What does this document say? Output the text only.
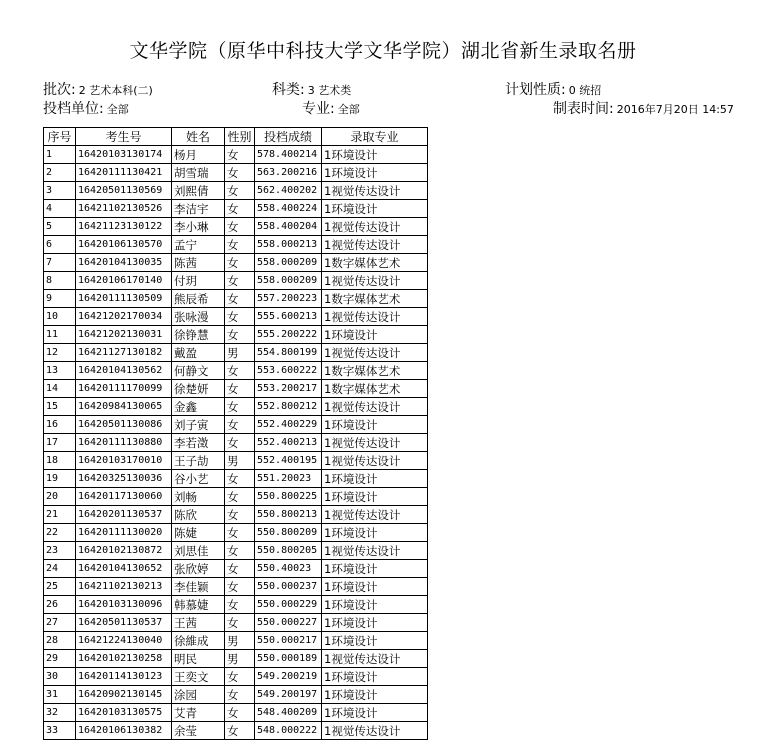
文华学院（原华中科技大学文华学院）湖北省新生录取名册
批次: 2 艺术本科(二)	科类: 3 艺术类	计划性质: 0 统招
投档单位: 全部	专业: 全部	制表时间: 2016年7月20日 14:57
序号	考生号	姓名	性别	投档成绩	录取专业
1	16420103130174	杨月	女	578.400214	1环境设计
2	16420111130421	胡雪瑞	女	563.200216	1环境设计
3	16420501130569	刘熙倩	女	562.400202	1视觉传达设计
4	16421102130526	李洁宇	女	558.400224	1环境设计
5	16421123130122	李小琳	女	558.400204	1视觉传达设计
6	16420106130570	孟宁	女	558.000213	1视觉传达设计
7	16420104130035	陈茜	女	558.000209	1数字媒体艺术
8	16420106170140	付玥	女	558.000209	1视觉传达设计
9	16420111130509	熊辰希	女	557.200223	1数字媒体艺术
10	16421202170034	张咏漫	女	555.600213	1视觉传达设计
11	16421202130031	徐铮慧	女	555.200222	1环境设计
12	16421127130182	戴盈	男	554.800199	1视觉传达设计
13	16420104130562	何静文	女	553.600222	1数字媒体艺术
14	16420111170099	徐楚妍	女	553.200217	1数字媒体艺术
15	16420984130065	金鑫	女	552.800212	1视觉传达设计
16	16420501130086	刘子寅	女	552.400229	1环境设计
17	16420111130880	李若澂	女	552.400213	1视觉传达设计
18	16420103170010	王子劼	男	552.400195	1视觉传达设计
19	16420325130036	谷小艺	女	551.20023	1环境设计
20	16420117130060	刘畅	女	550.800225	1环境设计
21	16420201130537	陈欣	女	550.800213	1视觉传达设计
22	16420111130020	陈婕	女	550.800209	1环境设计
23	16420102130872	刘思佳	女	550.800205	1视觉传达设计
24	16420104130652	张欣婷	女	550.40023	1环境设计
25	16421102130213	李佳颖	女	550.000237	1环境设计
26	16420103130096	韩慕婕	女	550.000229	1环境设计
27	16420501130537	王茜	女	550.000227	1环境设计
28	16421224130040	徐維成	男	550.000217	1环境设计
29	16420102130258	明民	男	550.000189	1视觉传达设计
30	16420114130123	王奕文	女	549.200219	1环境设计
31	16420902130145	涂园	女	549.200197	1环境设计
32	16420103130575	艾青	女	548.400209	1环境设计
33	16420106130382	余莹	女	548.000222	1视觉传达设计
